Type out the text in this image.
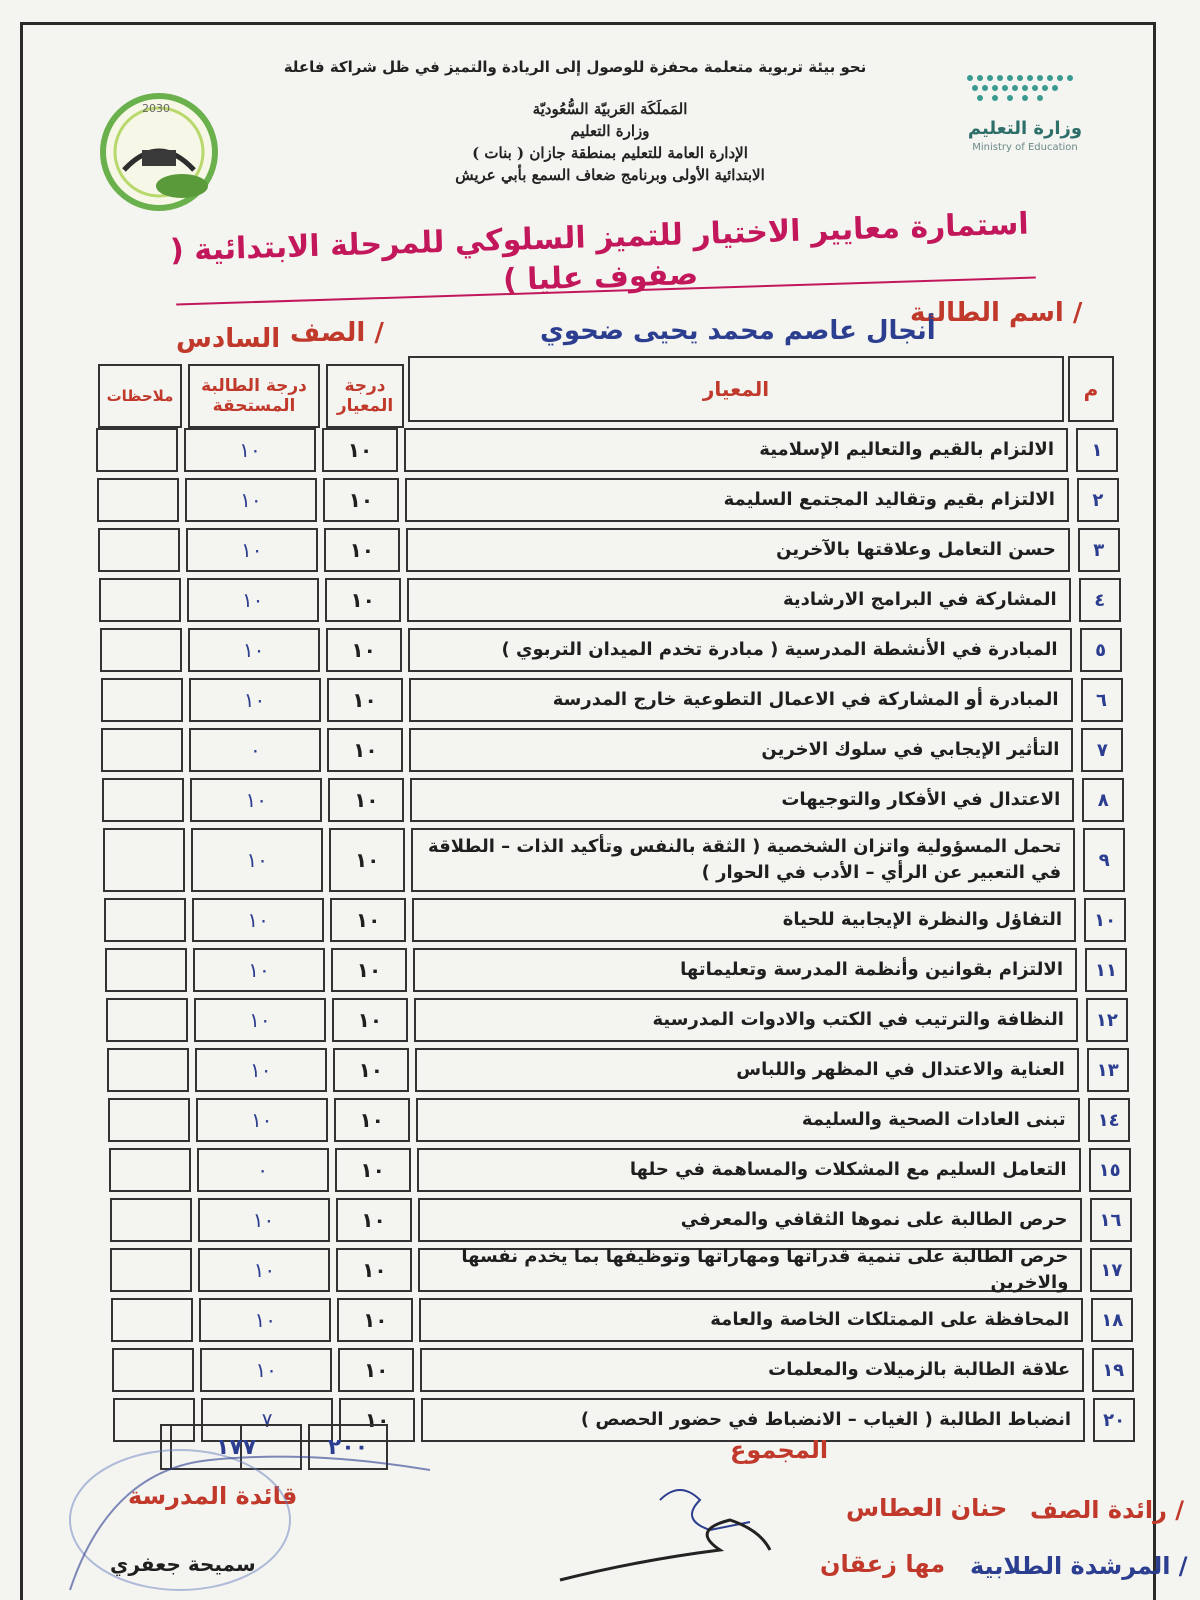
نحو بيئة تربوية متعلمة محفزة للوصول إلى الريادة والتميز في ظل شراكة فاعلة
وزارة التعليم
Ministry of Education
المَملَكَة العَربيّة السُّعُوديّة
وزارة التعليم
الإدارة العامة للتعليم بمنطقة جازان ( بنات )
الابتدائية الأولى وبرنامج ضعاف السمع بأبي عريش
2030
استمارة معايير الاختيار للتميز السلوكي للمرحلة الابتدائية ( صفوف عليا )
اسم الطالبة /
أنجال عاصم محمد يحيى ضحوي
الصف /
السادس
م
المعيار
درجة المعيار
درجة الطالبة المستحقة
ملاحظات
١
الالتزام بالقيم والتعاليم الإسلامية
١٠
١٠
٢
الالتزام بقيم وتقاليد المجتمع السليمة
١٠
١٠
٣
حسن التعامل وعلاقتها بالآخرين
١٠
١٠
٤
المشاركة في البرامج الارشادية
١٠
١٠
٥
المبادرة في الأنشطة المدرسية ( مبادرة تخدم الميدان التربوي )
١٠
١٠
٦
المبادرة أو المشاركة في الاعمال التطوعية خارج المدرسة
١٠
١٠
٧
التأثير الإيجابي في سلوك الاخرين
١٠
٠
٨
الاعتدال في الأفكار والتوجيهات
١٠
١٠
٩
تحمل المسؤولية واتزان الشخصية ( الثقة بالنفس وتأكيد الذات – الطلاقة في التعبير عن الرأي – الأدب في الحوار )
١٠
١٠
١٠
التفاؤل والنظرة الإيجابية للحياة
١٠
١٠
١١
الالتزام بقوانين وأنظمة المدرسة وتعليماتها
١٠
١٠
١٢
النظافة والترتيب في الكتب والادوات المدرسية
١٠
١٠
١٣
العناية والاعتدال في المظهر واللباس
١٠
١٠
١٤
تبنى العادات الصحية والسليمة
١٠
١٠
١٥
التعامل السليم مع المشكلات والمساهمة في حلها
١٠
٠
١٦
حرص الطالبة على نموها الثقافي والمعرفي
١٠
١٠
١٧
حرص الطالبة على تنمية قدراتها ومهاراتها وتوظيفها بما يخدم نفسها والاخرين
١٠
١٠
١٨
المحافظة على الممتلكات الخاصة والعامة
١٠
١٠
١٩
علاقة الطالبة بالزميلات والمعلمات
١٠
١٠
٢٠
انضباط الطالبة ( الغياب – الانضباط في حضور الحصص )
١٠
٧
المجموع
١٧٧	٢٠٠
رائدة الصف /
حنان العطاس
المرشدة الطلابية /
مها زعقان
قائدة المدرسة
سميحة جعفري
